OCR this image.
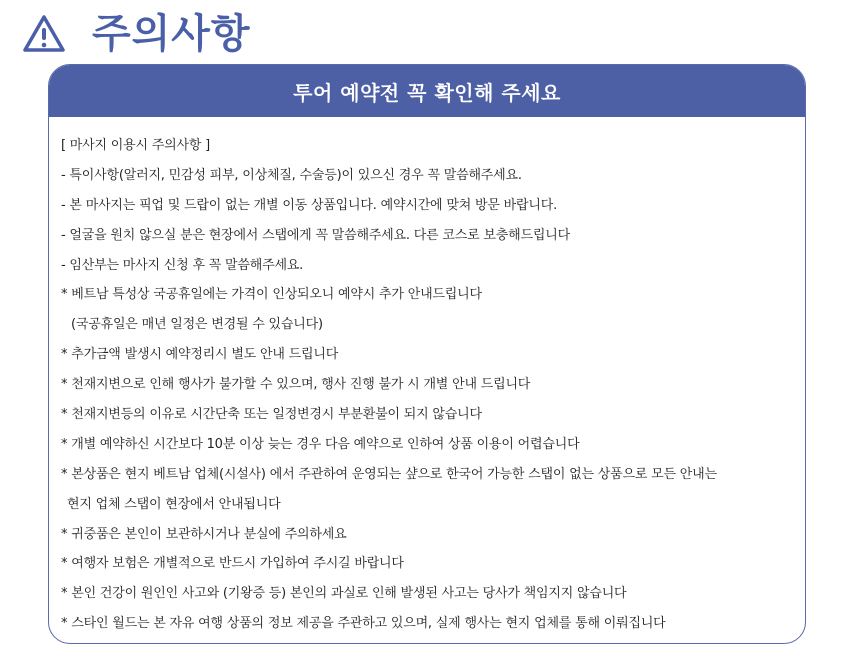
주의사항
투어 예약전 꼭 확인해 주세요
[ 마사지 이용시 주의사항 ]
- 특이사항(알러지, 민감성 피부, 이상체질, 수술등)이 있으신 경우 꼭 말씀해주세요.
- 본 마사지는 픽업 및 드랍이 없는 개별 이동 상품입니다. 예약시간에 맞쳐 방문 바랍니다.
- 얼굴을 원치 않으실 분은 현장에서 스탭에게 꼭 말씀해주세요. 다른 코스로 보충해드립니다
- 임산부는 마사지 신청 후 꼭 말씀해주세요.
* 베트남 특성상 국공휴일에는 가격이 인상되오니 예약시 추가 안내드립니다
(국공휴일은 매년 일정은 변경될 수 있습니다)
* 추가금액 발생시 예약정리시 별도 안내 드립니다
* 천재지변으로 인해 행사가 불가할 수 있으며, 행사 진행 불가 시 개별 안내 드립니다
* 천재지변등의 이유로 시간단축 또는 일정변경시 부분환불이 되지 않습니다
* 개별 예약하신 시간보다 10분 이상 늦는 경우 다음 예약으로 인하여 상품 이용이 어렵습니다
* 본상품은 현지 베트남 업체(시설사) 에서 주관하여 운영되는 샾으로 한국어 가능한 스탭이 없는 상품으로 모든 안내는
현지 업체 스탭이 현장에서 안내됩니다
* 귀중품은 본인이 보관하시거나 분실에 주의하세요
* 여행자 보험은 개별적으로 반드시 가입하여 주시길 바랍니다
* 본인 건강이 원인인 사고와 (기왕증 등) 본인의 과실로 인해 발생된 사고는 당사가 책임지지 않습니다
* 스타인 월드는 본 자유 여행 상품의 정보 제공을 주관하고 있으며, 실제 행사는 현지 업체를 통해 이뤄집니다
